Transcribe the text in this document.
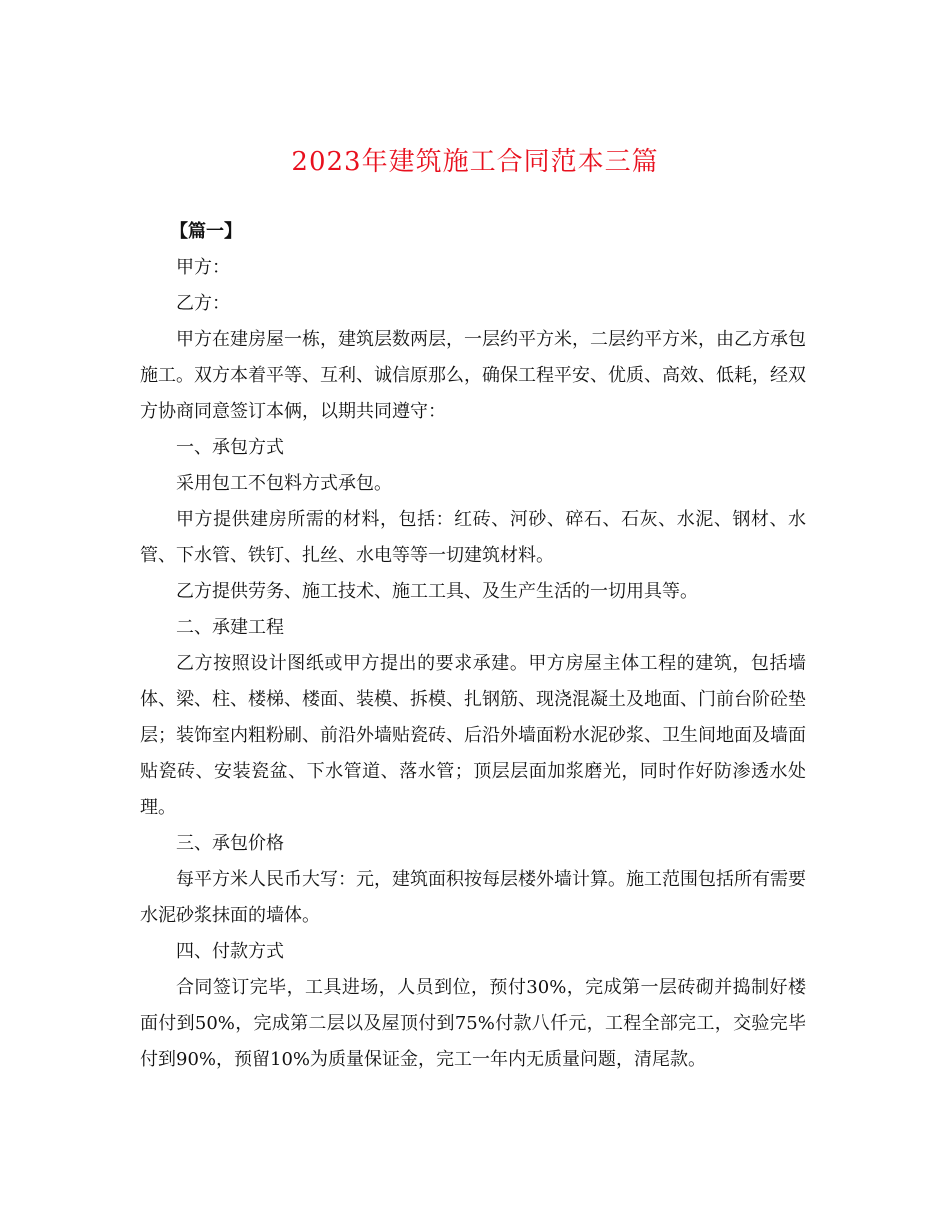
2023年建筑施工合同范本三篇

【篇一】

甲方：

乙方：

甲方在建房屋一栋，建筑层数两层，一层约平方米，二层约平方米，由乙方承包施工。双方本着平等、互利、诚信原那么，确保工程平安、优质、高效、低耗，经双方协商同意签订本俩，以期共同遵守：

一、承包方式

采用包工不包料方式承包。

甲方提供建房所需的材料，包括：红砖、河砂、碎石、石灰、水泥、钢材、水管、下水管、铁钉、扎丝、水电等等一切建筑材料。

乙方提供劳务、施工技术、施工工具、及生产生活的一切用具等。

二、承建工程

乙方按照设计图纸或甲方提出的要求承建。甲方房屋主体工程的建筑，包括墙体、梁、柱、楼梯、楼面、装模、拆模、扎钢筋、现浇混凝土及地面、门前台阶砼垫层；装饰室内粗粉刷、前沿外墙贴瓷砖、后沿外墙面粉水泥砂浆、卫生间地面及墙面贴瓷砖、安装瓷盆、下水管道、落水管；顶层层面加浆磨光，同时作好防渗透水处理。

三、承包价格

每平方米人民币大写：元，建筑面积按每层楼外墙计算。施工范围包括所有需要水泥砂浆抹面的墙体。

四、付款方式

合同签订完毕，工具进场，人员到位，预付30%，完成第一层砖砌并捣制好楼面付到50%，完成第二层以及屋顶付到75%付款八仟元，工程全部完工，交验完毕付到90%，预留10%为质量保证金，完工一年内无质量问题，清尾款。
